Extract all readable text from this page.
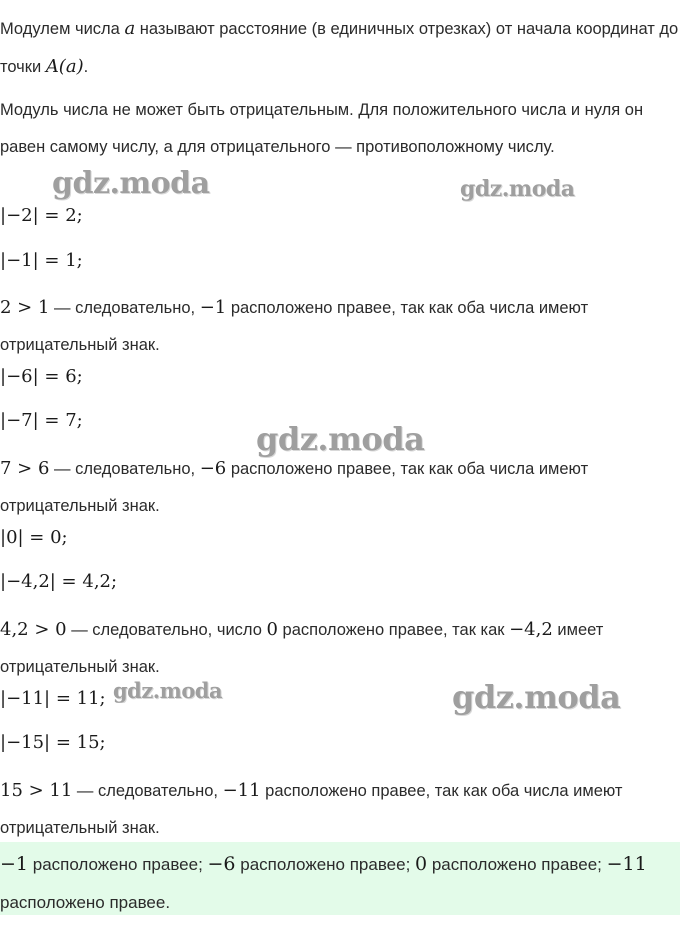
Модулем числа a называют расстояние (в единичных отрезках) от начала координат до точки A(a).

Модуль числа не может быть отрицательным. Для положительного числа и нуля он равен самому числу, а для отрицательного — противоположному числу.

|−2| = 2;
|−1| = 1;

2 > 1 — следовательно, −1 расположено правее, так как оба числа имеют отрицательный знак.

|−6| = 6;
|−7| = 7;

7 > 6 — следовательно, −6 расположено правее, так как оба числа имеют отрицательный знак.

|0| = 0;
|−4,2| = 4,2;

4,2 > 0 — следовательно, число 0 расположено правее, так как −4,2 имеет отрицательный знак.

|−11| = 11;
|−15| = 15;

15 > 11 — следовательно, −11 расположено правее, так как оба числа имеют отрицательный знак.

−1 расположено правее; −6 расположено правее; 0 расположено правее; −11 расположено правее.

gdz.moda	gdz.moda
gdz.moda
gdz.moda	gdz.moda
